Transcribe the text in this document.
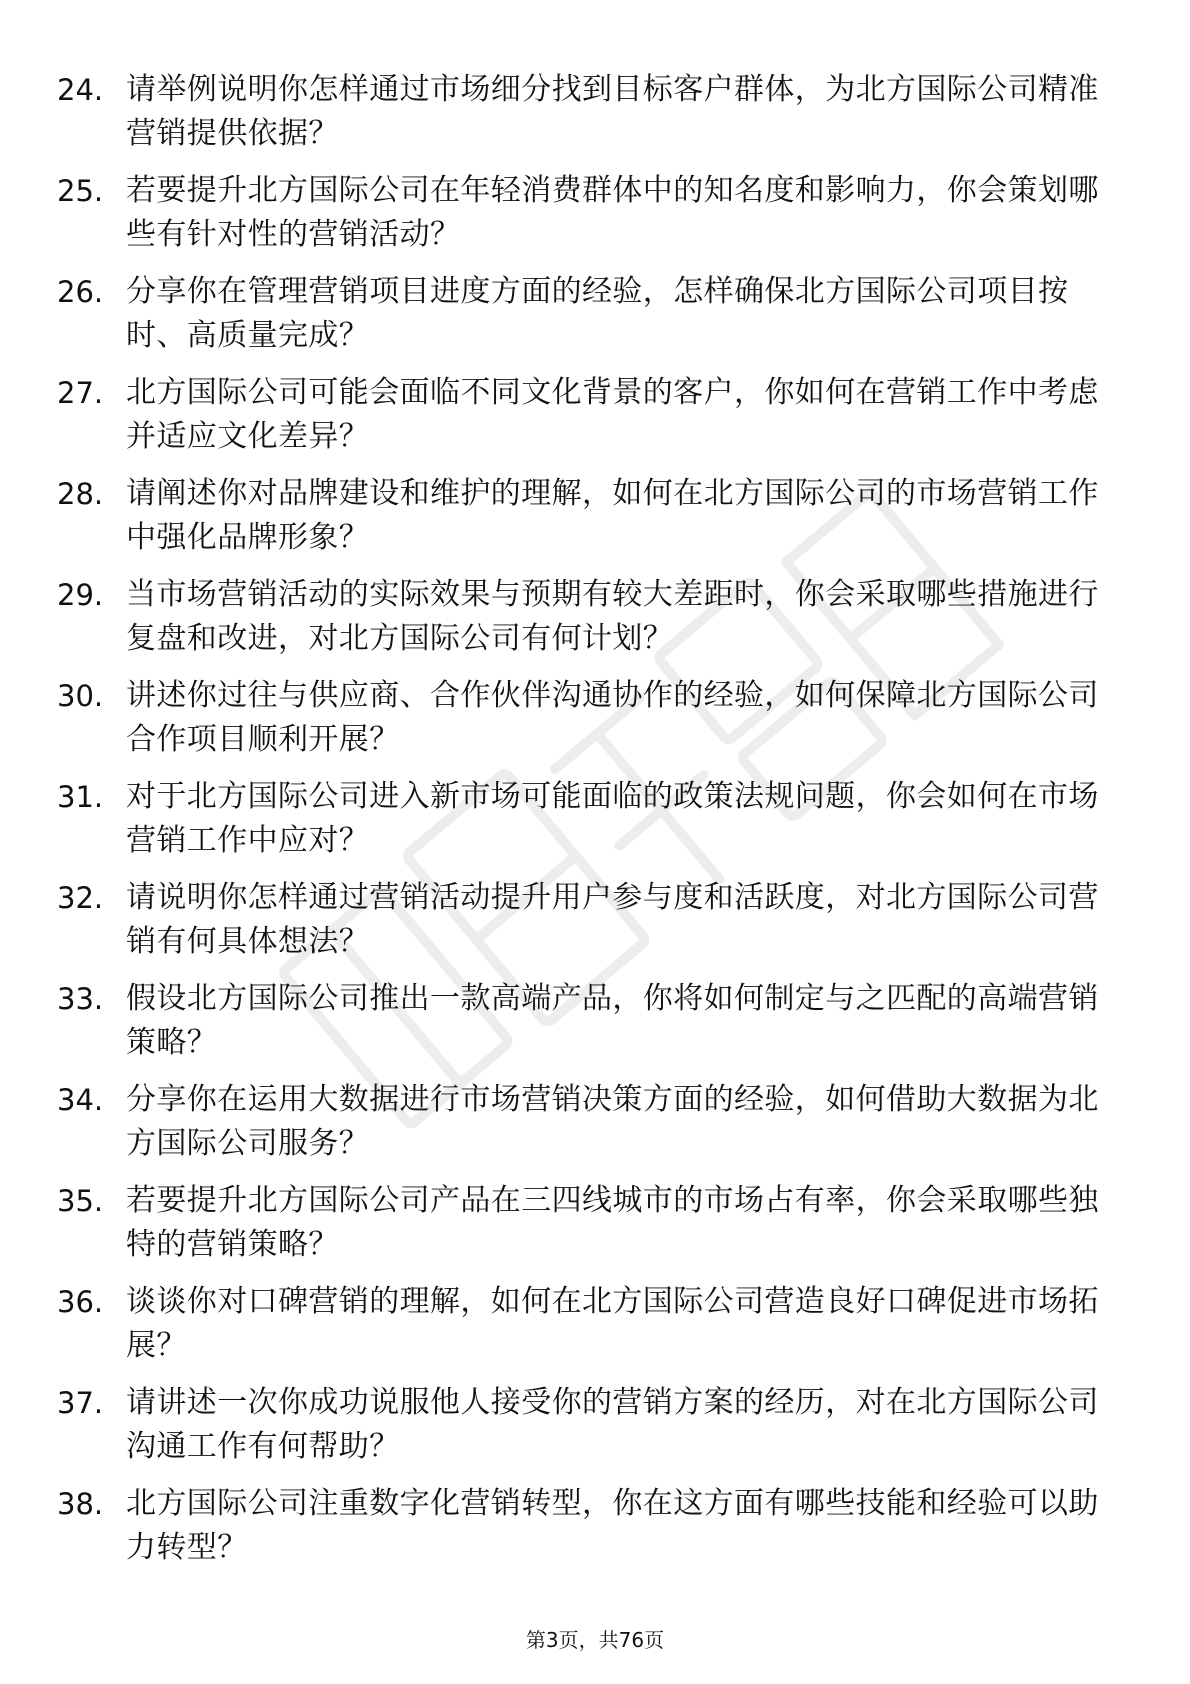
24. 请举例说明你怎样通过市场细分找到目标客户群体，为北方国际公司精准营销提供依据？
25. 若要提升北方国际公司在年轻消费群体中的知名度和影响力，你会策划哪些有针对性的营销活动？
26. 分享你在管理营销项目进度方面的经验，怎样确保北方国际公司项目按时、高质量完成？
27. 北方国际公司可能会面临不同文化背景的客户，你如何在营销工作中考虑并适应文化差异？
28. 请阐述你对品牌建设和维护的理解，如何在北方国际公司的市场营销工作中强化品牌形象？
29. 当市场营销活动的实际效果与预期有较大差距时，你会采取哪些措施进行复盘和改进，对北方国际公司有何计划？
30. 讲述你过往与供应商、合作伙伴沟通协作的经验，如何保障北方国际公司合作项目顺利开展？
31. 对于北方国际公司进入新市场可能面临的政策法规问题，你会如何在市场营销工作中应对？
32. 请说明你怎样通过营销活动提升用户参与度和活跃度，对北方国际公司营销有何具体想法？
33. 假设北方国际公司推出一款高端产品，你将如何制定与之匹配的高端营销策略？
34. 分享你在运用大数据进行市场营销决策方面的经验，如何借助大数据为北方国际公司服务？
35. 若要提升北方国际公司产品在三四线城市的市场占有率，你会采取哪些独特的营销策略？
36. 谈谈你对口碑营销的理解，如何在北方国际公司营造良好口碑促进市场拓展？
37. 请讲述一次你成功说服他人接受你的营销方案的经历，对在北方国际公司沟通工作有何帮助？
38. 北方国际公司注重数字化营销转型，你在这方面有哪些技能和经验可以助力转型？
第3页，共76页
